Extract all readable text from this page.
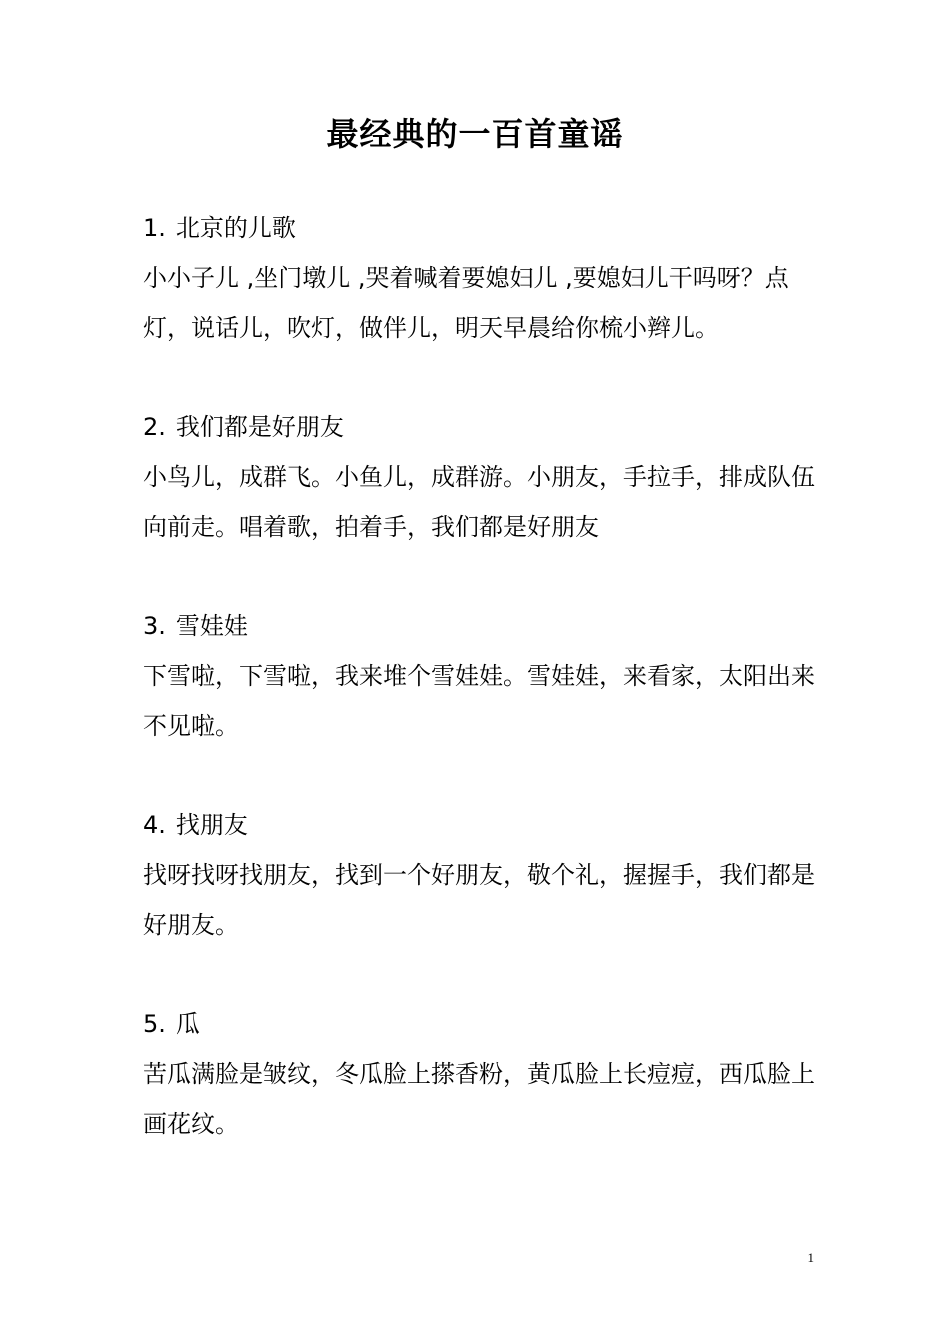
最经典的一百首童谣
1. 北京的儿歌

小小子儿 ,坐门墩儿 ,哭着喊着要媳妇儿 ,要媳妇儿干吗呀？点灯，说话儿，吹灯，做伴儿，明天早晨给你梳小辫儿。

2. 我们都是好朋友

小鸟儿，成群飞。小鱼儿，成群游。小朋友，手拉手，排成队伍向前走。唱着歌，拍着手，我们都是好朋友

3. 雪娃娃

下雪啦，下雪啦，我来堆个雪娃娃。雪娃娃，来看家，太阳出来不见啦。

4. 找朋友

找呀找呀找朋友，找到一个好朋友，敬个礼，握握手，我们都是好朋友。

5. 瓜

苦瓜满脸是皱纹，冬瓜脸上搽香粉，黄瓜脸上长痘痘，西瓜脸上画花纹。

1
